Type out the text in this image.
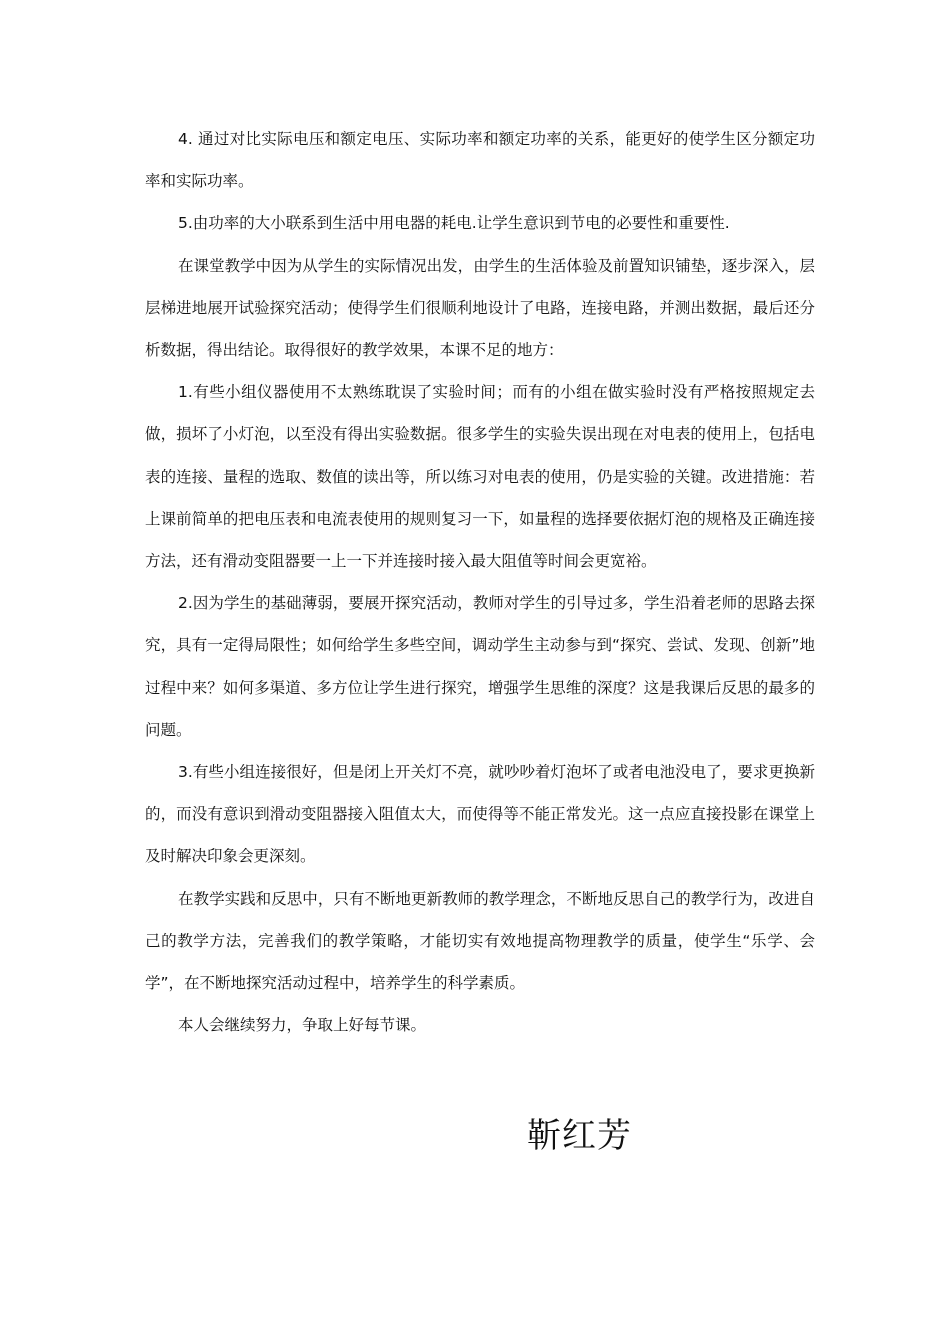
4. 通过对比实际电压和额定电压、实际功率和额定功率的关系，能更好的使学生区分额定功率和实际功率。

5.由功率的大小联系到生活中用电器的耗电.让学生意识到节电的必要性和重要性.

在课堂教学中因为从学生的实际情况出发，由学生的生活体验及前置知识铺垫，逐步深入，层层梯进地展开试验探究活动；使得学生们很顺利地设计了电路，连接电路，并测出数据，最后还分析数据，得出结论。取得很好的教学效果，本课不足的地方：

1.有些小组仪器使用不太熟练耽误了实验时间；而有的小组在做实验时没有严格按照规定去做，损坏了小灯泡，以至没有得出实验数据。很多学生的实验失误出现在对电表的使用上，包括电表的连接、量程的选取、数值的读出等，所以练习对电表的使用，仍是实验的关键。改进措施：若上课前简单的把电压表和电流表使用的规则复习一下，如量程的选择要依据灯泡的规格及正确连接方法，还有滑动变阻器要一上一下并连接时接入最大阻值等时间会更宽裕。

2.因为学生的基础薄弱，要展开探究活动，教师对学生的引导过多，学生沿着老师的思路去探究，具有一定得局限性；如何给学生多些空间，调动学生主动参与到“探究、尝试、发现、创新”地过程中来？如何多渠道、多方位让学生进行探究，增强学生思维的深度？这是我课后反思的最多的问题。

3.有些小组连接很好，但是闭上开关灯不亮，就吵吵着灯泡坏了或者电池没电了，要求更换新的，而没有意识到滑动变阻器接入阻值太大，而使得等不能正常发光。这一点应直接投影在课堂上及时解决印象会更深刻。

在教学实践和反思中，只有不断地更新教师的教学理念，不断地反思自己的教学行为，改进自己的教学方法，完善我们的教学策略，才能切实有效地提高物理教学的质量，使学生“乐学、会学”，在不断地探究活动过程中，培养学生的科学素质。

本人会继续努力，争取上好每节课。

靳红芳
